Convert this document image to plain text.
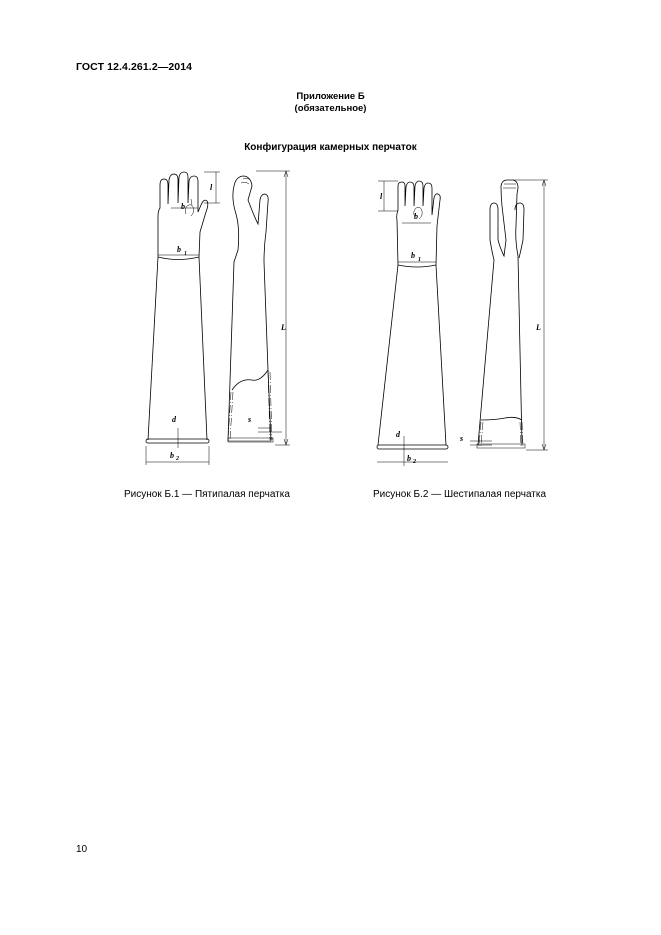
ГОСТ 12.4.261.2—2014
Приложение Б
(обязательное)
Конфигурация камерных перчаток
b
b 1
l
d
b 2
L
s
b
b 1
l
d
b 2
L
s
Рисунок Б.1 — Пятипалая перчатка	Рисунок Б.2 — Шестипалая перчатка
10
